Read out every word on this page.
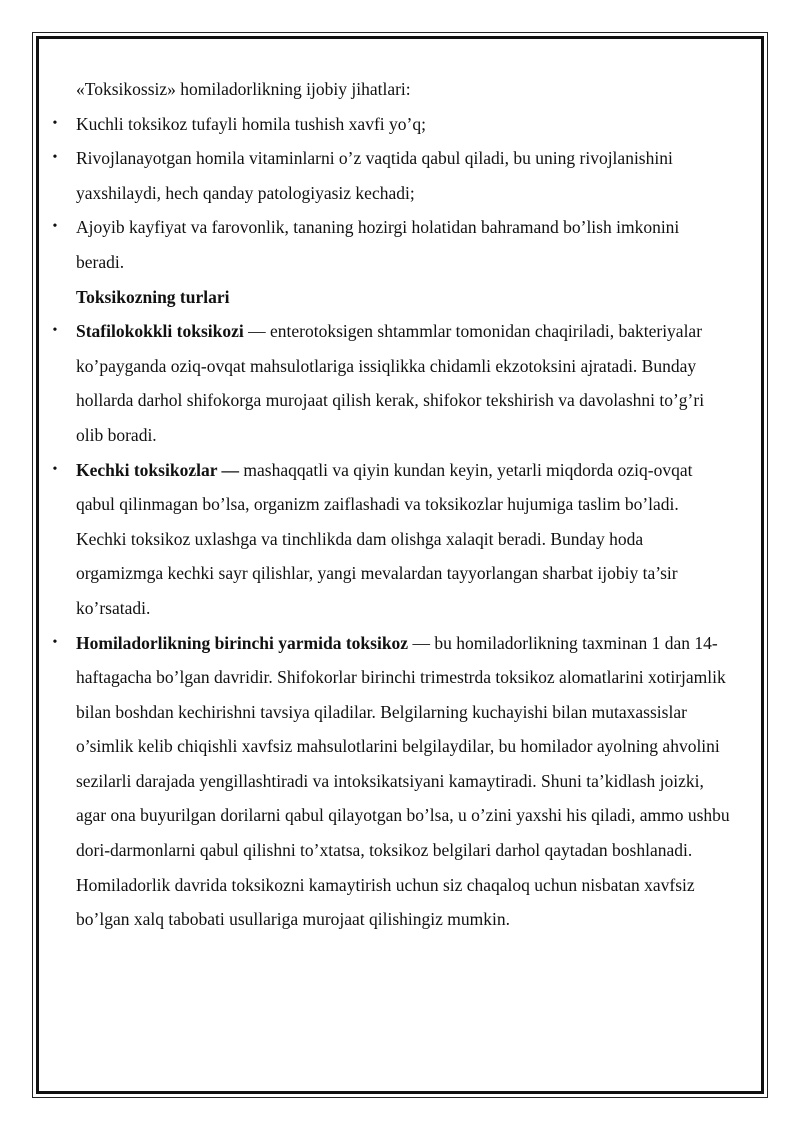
«Toksikossiz» homiladorlikning ijobiy jihatlari:

• Kuchli toksikoz tufayli homila tushish xavfi yo’q;
• Rivojlanayotgan homila vitaminlarni o’z vaqtida qabul qiladi, bu uning rivojlanishini yaxshilaydi, hech qanday patologiyasiz kechadi;
• Ajoyib kayfiyat va farovonlik, tananing hozirgi holatidan bahramand bo’lish imkonini beradi.

Toksikozning turlari

• Stafilokokkli toksikozi — enterotoksigen shtammlar tomonidan chaqiriladi, bakteriyalar ko’payganda oziq-ovqat mahsulotlariga issiqlikka chidamli ekzotoksini ajratadi. Bunday hollarda darhol shifokorga murojaat qilish kerak, shifokor tekshirish va davolashni to’g’ri olib boradi.
• Kechki toksikozlar — mashaqqatli va qiyin kundan keyin, yetarli miqdorda oziq-ovqat qabul qilinmagan bo’lsa, organizm zaiflashadi va toksikozlar hujumiga taslim bo’ladi. Kechki toksikoz uxlashga va tinchlikda dam olishga xalaqit beradi. Bunday hoda orgamizmga kechki sayr qilishlar, yangi mevalardan tayyorlangan sharbat ijobiy ta’sir ko’rsatadi.
• Homiladorlikning birinchi yarmida toksikoz — bu homiladorlikning taxminan 1 dan 14-haftagacha bo’lgan davridir. Shifokorlar birinchi trimestrda toksikoz alomatlarini xotirjamlik bilan boshdan kechirishni tavsiya qiladilar. Belgilarning kuchayishi bilan mutaxassislar o’simlik kelib chiqishli xavfsiz mahsulotlarini belgilaydilar, bu homilador ayolning ahvolini sezilarli darajada yengillashtiradi va intoksikatsiyani kamaytiradi. Shuni ta’kidlash joizki, agar ona buyurilgan dorilarni qabul qilayotgan bo’lsa, u o’zini yaxshi his qiladi, ammo ushbu dori-darmonlarni qabul qilishni to’xtatsa, toksikoz belgilari darhol qaytadan boshlanadi. Homiladorlik davrida toksikozni kamaytirish uchun siz chaqaloq uchun nisbatan xavfsiz bo’lgan xalq tabobati usullariga murojaat qilishingiz mumkin.
